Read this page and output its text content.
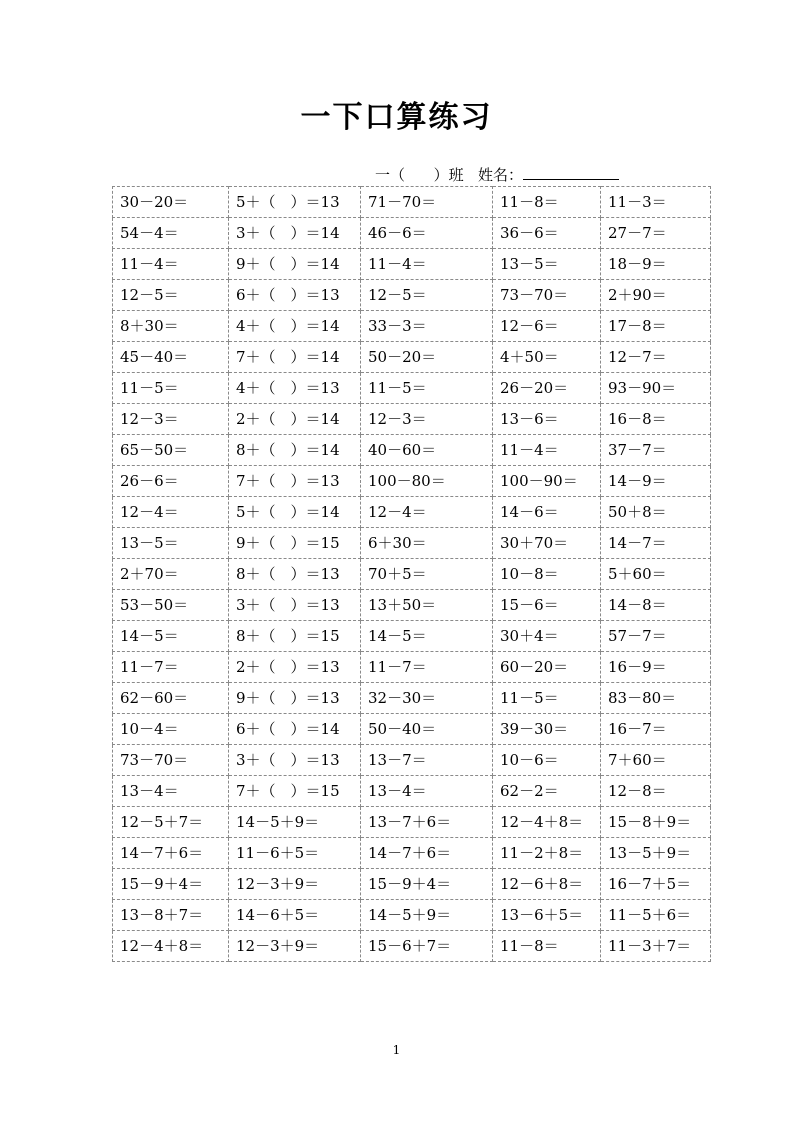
一下口算练习
一（ ）班 姓名：
30－20＝	5＋（　）＝13	71－70＝	11－8＝	11－3＝
54－4＝	3＋（　）＝14	46－6＝	36－6＝	27－7＝
11－4＝	9＋（　）＝14	11－4＝	13－5＝	18－9＝
12－5＝	6＋（　）＝13	12－5＝	73－70＝	2＋90＝
8＋30＝	4＋（　）＝14	33－3＝	12－6＝	17－8＝
45－40＝	7＋（　）＝14	50－20＝	4＋50＝	12－7＝
11－5＝	4＋（　）＝13	11－5＝	26－20＝	93－90＝
12－3＝	2＋（　）＝14	12－3＝	13－6＝	16－8＝
65－50＝	8＋（　）＝14	40－60＝	11－4＝	37－7＝
26－6＝	7＋（　）＝13	100－80＝	100－90＝	14－9＝
12－4＝	5＋（　）＝14	12－4＝	14－6＝	50＋8＝
13－5＝	9＋（　）＝15	6＋30＝	30＋70＝	14－7＝
2＋70＝	8＋（　）＝13	70＋5＝	10－8＝	5＋60＝
53－50＝	3＋（　）＝13	13＋50＝	15－6＝	14－8＝
14－5＝	8＋（　）＝15	14－5＝	30＋4＝	57－7＝
11－7＝	2＋（　）＝13	11－7＝	60－20＝	16－9＝
62－60＝	9＋（　）＝13	32－30＝	11－5＝	83－80＝
10－4＝	6＋（　）＝14	50－40＝	39－30＝	16－7＝
73－70＝	3＋（　）＝13	13－7＝	10－6＝	7＋60＝
13－4＝	7＋（　）＝15	13－4＝	62－2＝	12－8＝
12－5＋7＝	14－5＋9＝	13－7＋6＝	12－4＋8＝	15－8＋9＝
14－7＋6＝	11－6＋5＝	14－7＋6＝	11－2＋8＝	13－5＋9＝
15－9＋4＝	12－3＋9＝	15－9＋4＝	12－6＋8＝	16－7＋5＝
13－8＋7＝	14－6＋5＝	14－5＋9＝	13－6＋5＝	11－5＋6＝
12－4＋8＝	12－3＋9＝	15－6＋7＝	11－8＝	11－3＋7＝
1
